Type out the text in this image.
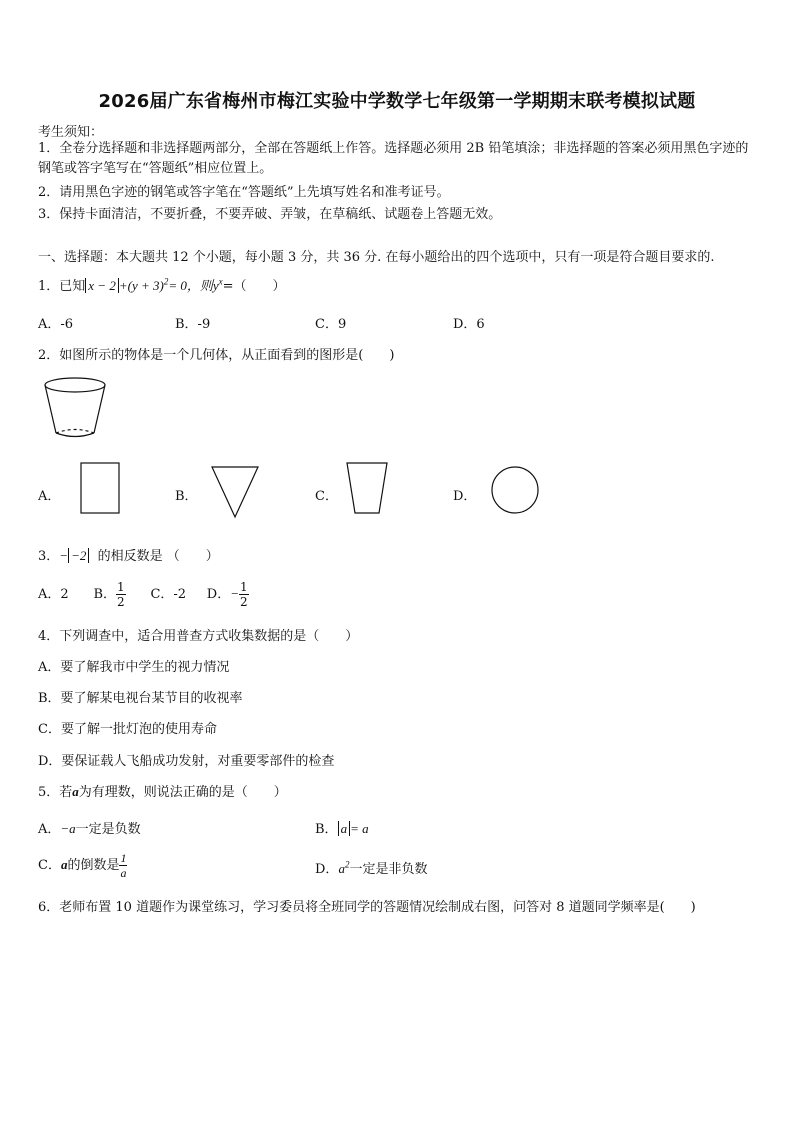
2026届广东省梅州市梅江实验中学数学七年级第一学期期末联考模拟试题
考生须知：
1．全卷分选择题和非选择题两部分，全部在答题纸上作答。选择题必须用 2B 铅笔填涂；非选择题的答案必须用黑色字迹的钢笔或答字笔写在“答题纸”相应位置上。
2．请用黑色字迹的钢笔或答字笔在“答题纸”上先填写姓名和准考证号。
3．保持卡面清洁，不要折叠，不要弄破、弄皱，在草稿纸、试题卷上答题无效。
一、选择题：本大题共 12 个小题，每小题 3 分，共 36 分. 在每小题给出的四个选项中，只有一项是符合题目要求的.
1．已知 $x - 2 +(y + 3)^2= 0$，则$y^x=$（　　）
A．-6	B．-9	C．9	D．6
2．如图所示的物体是一个几何体，从正面看到的图形是(　　)
A．	B．	C．	D．
3．− −2 的相反数是 （　　）
A．2 B． $\frac{1}{2}$ C．-2 D．− $\frac{1}{2}$
4．下列调查中，适合用普查方式收集数据的是（　　）
A．要了解我市中学生的视力情况
B．要了解某电视台某节目的收视率
C．要了解一批灯泡的使用寿命
D．要保证载人飞船成功发射，对重要零部件的检查
5．若a为有理数，则说法正确的是（　　）
A．−a一定是负数	B． a = a
C．a的倒数是 $\frac{1}{a}$	D．$a^2$一定是非负数
6．老师布置 10 道题作为课堂练习，学习委员将全班同学的答题情况绘制成右图，问答对 8 道题同学频率是(　　)
